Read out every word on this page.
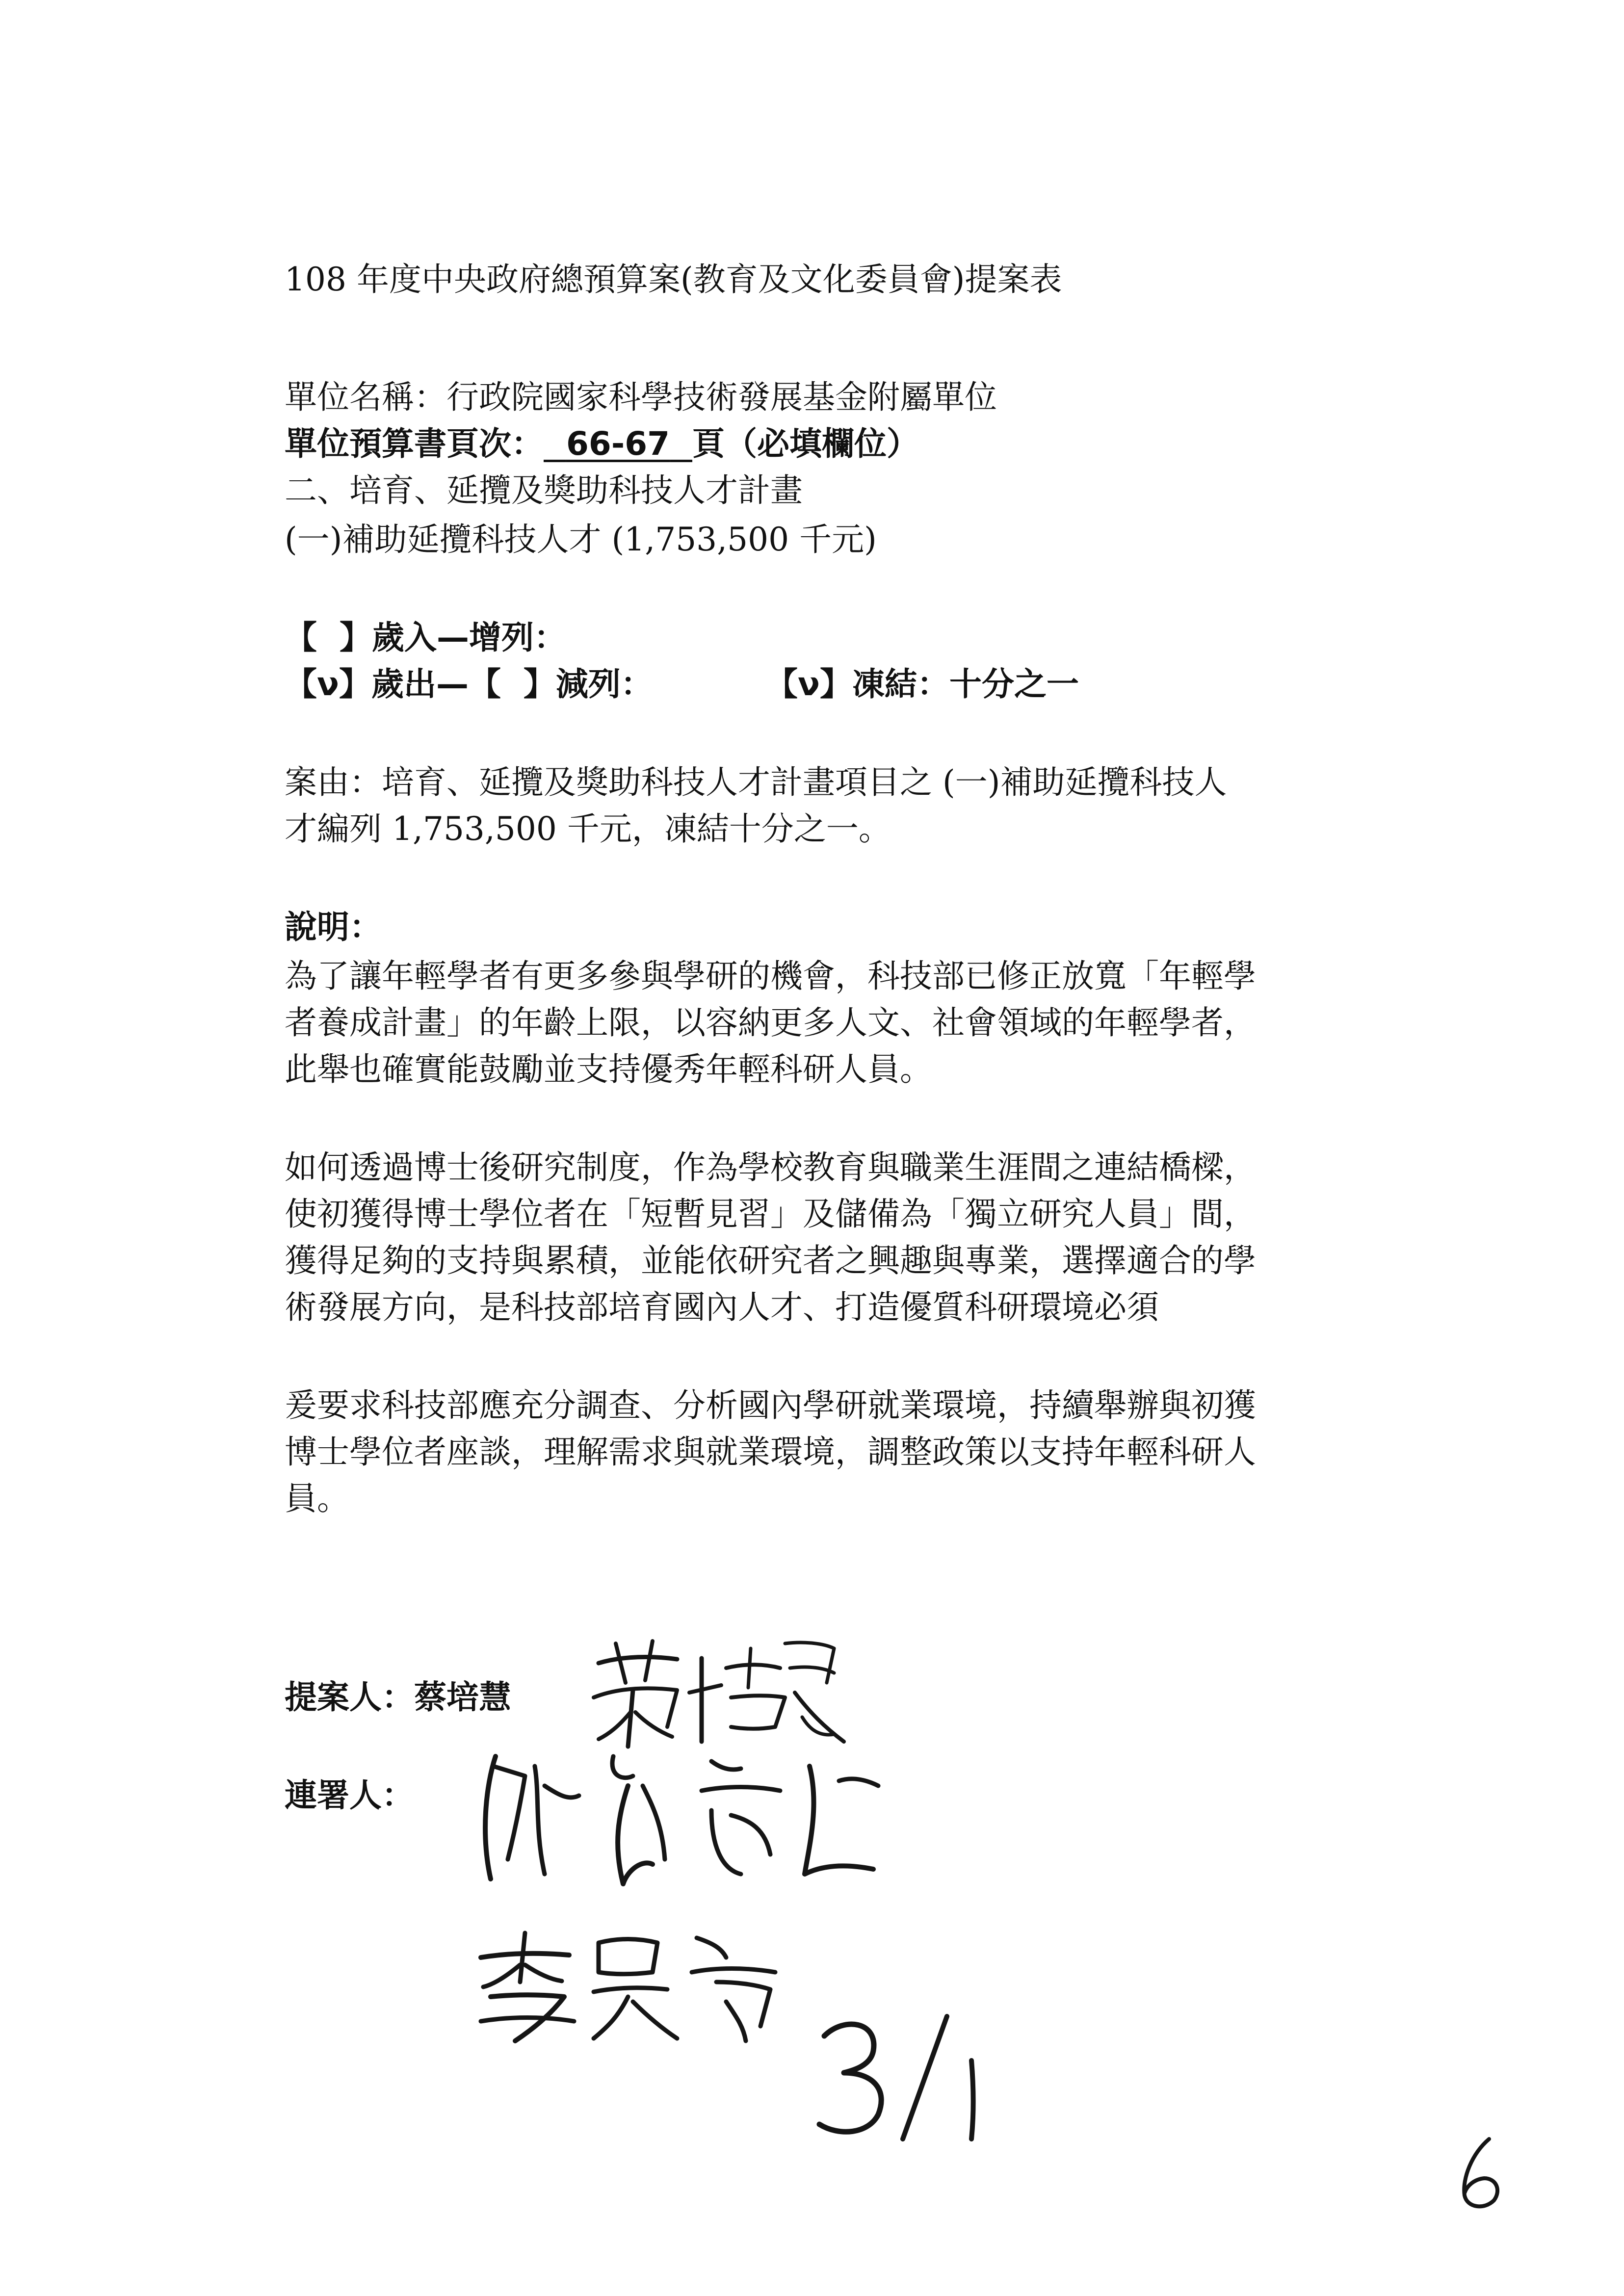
108 年度中央政府總預算案(教育及文化委員會)提案表
單位名稱：行政院國家科學技術發展基金附屬單位
單位預算書頁次： 66-67 頁（必填欄位）
二、培育、延攬及獎助科技人才計畫
(一)補助延攬科技人才 (1,753,500 千元)
【  】歲入—增列：
【ν】歲出—【  】減列：	【ν】凍結：十分之一
案由：培育、延攬及獎助科技人才計畫項目之 (一)補助延攬科技人
才編列 1,753,500 千元，凍結十分之一。
說明：
為了讓年輕學者有更多參與學研的機會，科技部已修正放寬「年輕學
者養成計畫」的年齡上限，以容納更多人文、社會領域的年輕學者，
此舉也確實能鼓勵並支持優秀年輕科研人員。
如何透過博士後研究制度，作為學校教育與職業生涯間之連結橋樑，
使初獲得博士學位者在「短暫見習」及儲備為「獨立研究人員」間，
獲得足夠的支持與累積，並能依研究者之興趣與專業，選擇適合的學
術發展方向，是科技部培育國內人才、打造優質科研環境必須
爰要求科技部應充分調查、分析國內學研就業環境，持續舉辦與初獲
博士學位者座談，理解需求與就業環境，調整政策以支持年輕科研人
員。
提案人：蔡培慧
連署人：
